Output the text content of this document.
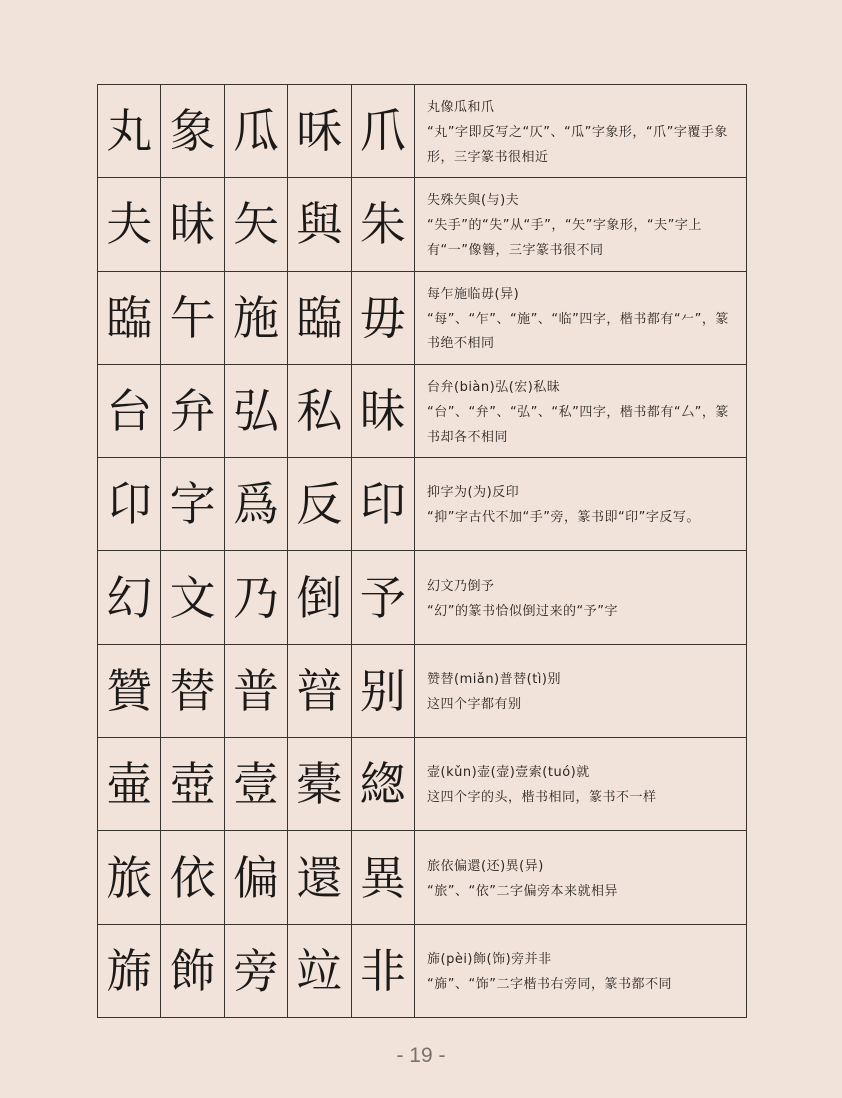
丸 象 瓜 咊 爪
夫 昧 矢 與 朱
臨 午 施 臨 毋
台 弁 弘 私 昧
卬 字 爲 反 印
幻 文 乃 倒 予
贊 替 普 暜 别
壷 壺 壹 橐 緫
旅 依 偏 還 異
旆 飾 旁 竝 非
丸像瓜和爪
“丸”字即反写之“仄”、“瓜”字象形，“爪”字覆手象形，三字篆书很相近
失殊矢與(与)夫
“失手”的“失”从“手”，“矢”字象形，“夫”字上有“一”像簪，三字篆书很不同
每乍施临毋(异)
“每”、“乍”、“施”、“临”四字，楷书都有“𠂉”，篆书绝不相同
台弁(biàn)弘(宏)私昧
“台”、“弁”、“弘”、“私”四字，楷书都有“厶”，篆书却各不相同
抑字为(为)反印
“抑”字古代不加“手”旁，篆书即“印”字反写。
幻文乃倒予
“幻”的篆书恰似倒过来的“予”字
赞替(miǎn)普替(tì)别
这四个字都有别
壸(kǔn)壶(壸)壹索(tuó)就
这四个字的头，楷书相同，篆书不一样
旅依偏還(还)異(异)
“旅”、“依”二字偏旁本来就相异
旆(pèi)飾(饰)旁并非
“旆”、“饰”二字楷书右旁同，篆书都不同
- 19 -
